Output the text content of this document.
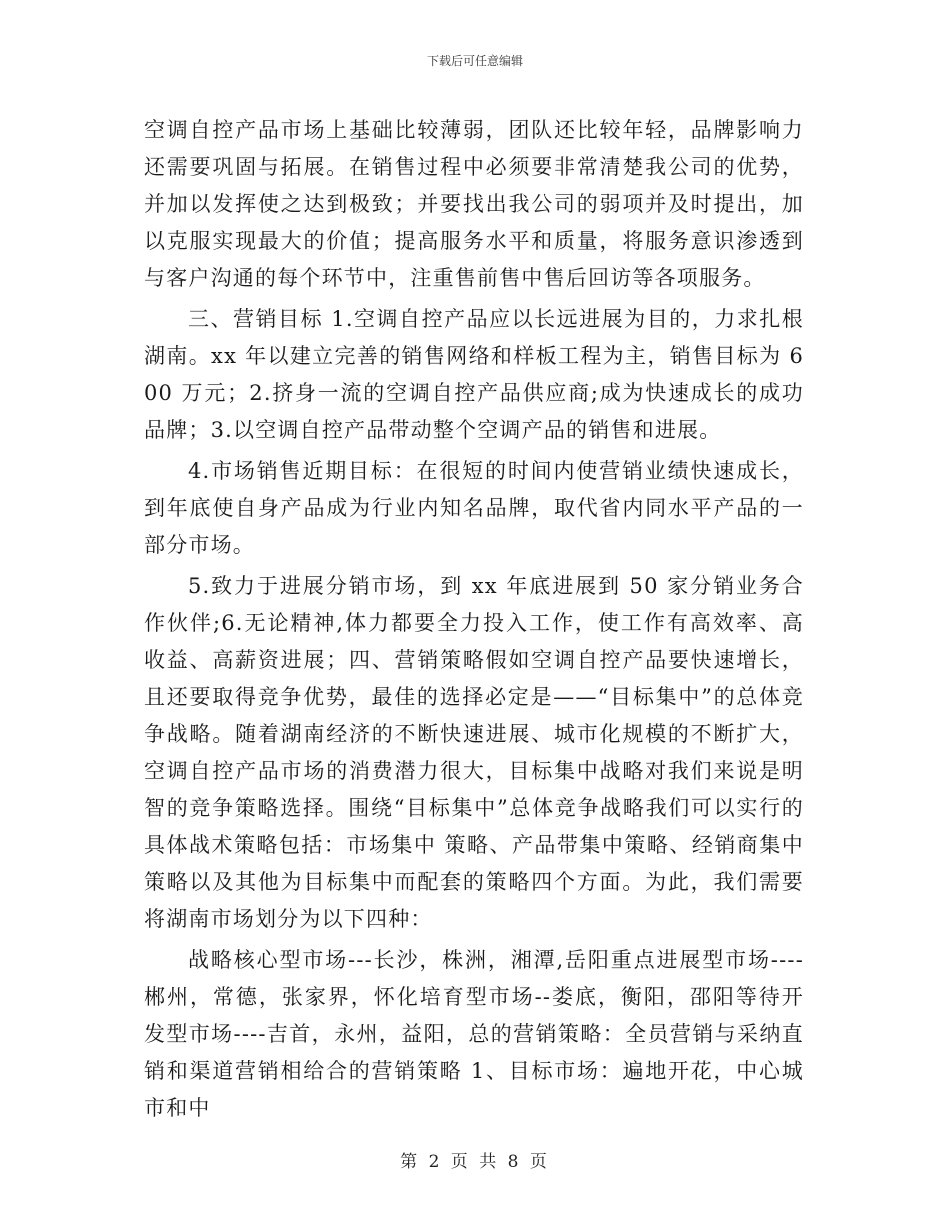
下载后可任意编辑

空调自控产品市场上基础比较薄弱，团队还比较年轻，品牌影响力还需要巩固与拓展。在销售过程中必须要非常清楚我公司的优势，并加以发挥使之达到极致；并要找出我公司的弱项并及时提出，加以克服实现最大的价值；提高服务水平和质量，将服务意识渗透到与客户沟通的每个环节中，注重售前售中售后回访等各项服务。

三、营销目标 1.空调自控产品应以长远进展为目的，力求扎根湖南。xx 年以建立完善的销售网络和样板工程为主，销售目标为 600 万元；2.挤身一流的空调自控产品供应商;成为快速成长的成功品牌；3.以空调自控产品带动整个空调产品的销售和进展。

4.市场销售近期目标：在很短的时间内使营销业绩快速成长，到年底使自身产品成为行业内知名品牌，取代省内同水平产品的一部分市场。

5.致力于进展分销市场，到 xx 年底进展到 50 家分销业务合作伙伴;6.无论精神,体力都要全力投入工作，使工作有高效率、高收益、高薪资进展；四、营销策略假如空调自控产品要快速增长，且还要取得竞争优势，最佳的选择必定是——“目标集中”的总体竞争战略。随着湖南经济的不断快速进展、城市化规模的不断扩大， 空调自控产品市场的消费潜力很大，目标集中战略对我们来说是明智的竞争策略选择。围绕“目标集中”总体竞争战略我们可以实行的具体战术策略包括：市场集中 策略、产品带集中策略、经销商集中策略以及其他为目标集中而配套的策略四个方面。为此，我们需要将湖南市场划分为以下四种：

战略核心型市场---长沙，株洲，湘潭,岳阳重点进展型市场----郴州，常德，张家界，怀化培育型市场--娄底，衡阳，邵阳等待开发型市场----吉首，永州，益阳，总的营销策略：全员营销与采纳直销和渠道营销相给合的营销策略 1、目标市场：遍地开花，中心城市和中

第 2 页 共 8 页
